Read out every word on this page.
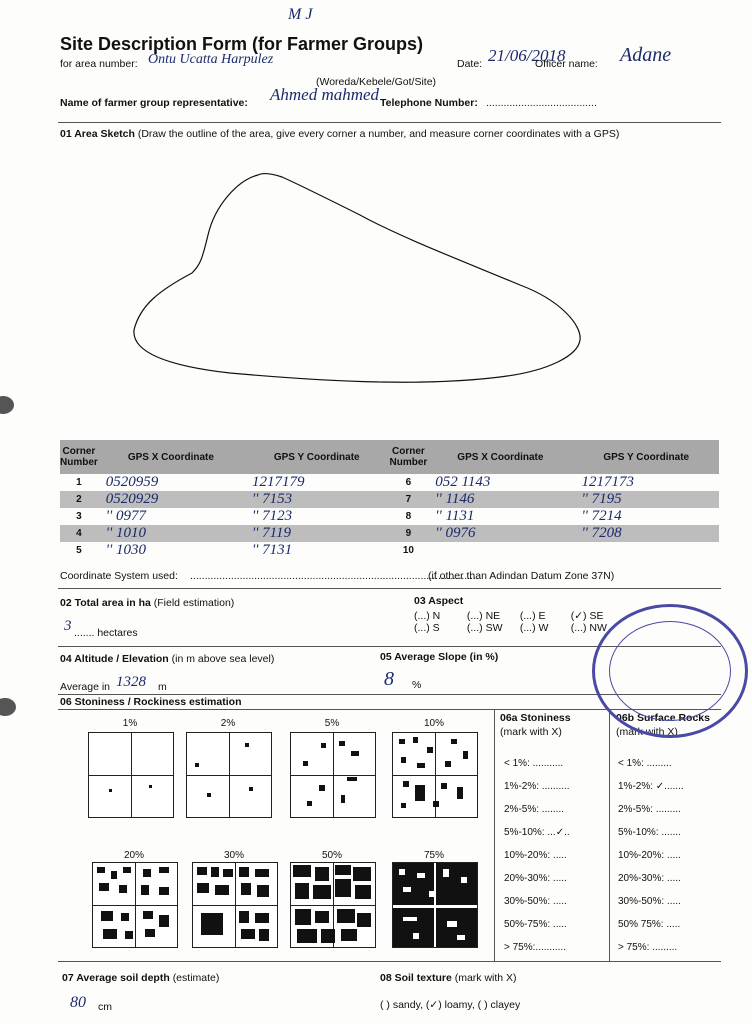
M J
Site Description Form (for Farmer Groups)
for area number: Ontu Ucatta Harpulez	Date: 21/06/2018
Officer name: Adane
(Woreda/Kebele/Got/Site)
Name of farmer group representative: Ahmed mahmed Telephone Number: ......................................
01 Area Sketch (Draw the outline of the area, give every corner a number, and measure corner coordinates with a GPS)
Corner Number	GPS X Coordinate	GPS Y Coordinate	Corner Number	GPS X Coordinate	GPS Y Coordinate
1	0520959	1217179	6	052 1143	1217173
2	0520929	'' 7153	7	'' 1146	'' 7195
3	'' 0977	'' 7123	8	'' 1131	'' 7214
4	'' 1010	'' 7119	9	'' 0976	'' 7208
5	'' 1030	'' 7131	10		
Coordinate System used: ...................................................................................................
(if other than Adindan Datum Zone 37N)
02 Total area in ha (Field estimation)
3 ....... hectares
03 Aspect
(...) N	(...) NE (...) E (✓) SE
(...) S	(...) SW (...) W (...) NW
04 Altitude / Elevation (in m above sea level)
Average in 1328 m
05 Average Slope (in %)
8 %
06 Stoniness / Rockiness estimation
1%	2%	5%	10%
20%	30%	50%	75%
06a Stoniness
(mark with X)
06b Surface Rocks
(mark with X)
< 1%: ...........
1%-2%: ..........
2%-5%: ........
5%-10%: ...✓..
10%-20%: .....
20%-30%: .....
30%-50%: .....
50%-75%: .....
> 75%:...........
< 1%: .........
1%-2%: ✓.......
2%-5%: .........
5%-10%: .......
10%-20%: .....
20%-30%: .....
30%-50%: .....
50% 75%: .....
> 75%: .........
07 Average soil depth (estimate)
80 cm
08 Soil texture (mark with X)
( ) sandy, (✓) loamy, ( ) clayey
